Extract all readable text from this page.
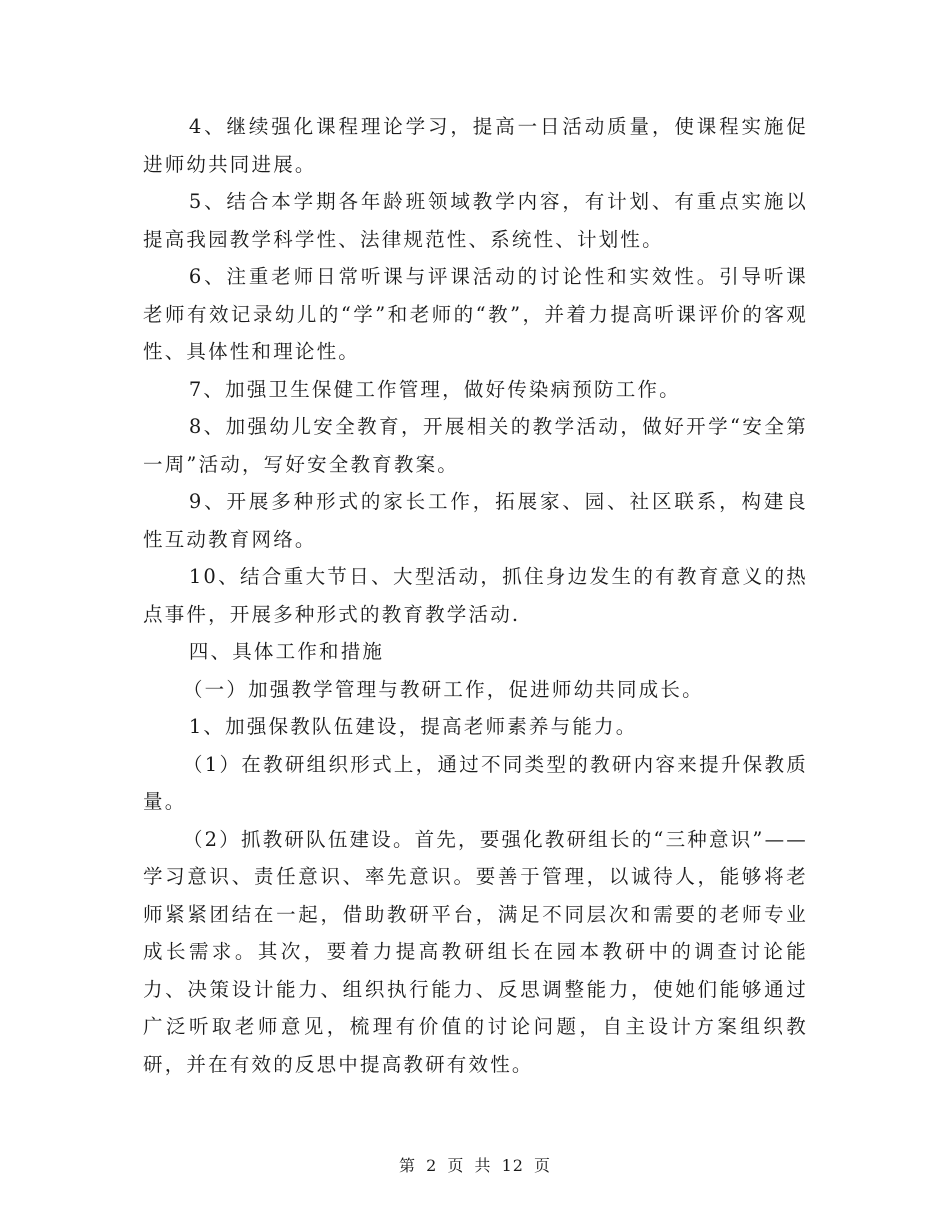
4、继续强化课程理论学习，提高一日活动质量，使课程实施促进师幼共同进展。

5、结合本学期各年龄班领域教学内容，有计划、有重点实施以提高我园教学科学性、法律规范性、系统性、计划性。

6、注重老师日常听课与评课活动的讨论性和实效性。引导听课老师有效记录幼儿的“学”和老师的“教”，并着力提高听课评价的客观性、具体性和理论性。

7、加强卫生保健工作管理，做好传染病预防工作。

8、加强幼儿安全教育，开展相关的教学活动，做好开学“安全第一周”活动，写好安全教育教案。

9、开展多种形式的家长工作，拓展家、园、社区联系，构建良性互动教育网络。

10、结合重大节日、大型活动，抓住身边发生的有教育意义的热点事件，开展多种形式的教育教学活动.

四、具体工作和措施

（一）加强教学管理与教研工作，促进师幼共同成长。

1、加强保教队伍建设，提高老师素养与能力。

（1）在教研组织形式上，通过不同类型的教研内容来提升保教质量。

（2）抓教研队伍建设。首先，要强化教研组长的“三种意识”——学习意识、责任意识、率先意识。要善于管理，以诚待人，能够将老师紧紧团结在一起，借助教研平台，满足不同层次和需要的老师专业成长需求。其次，要着力提高教研组长在园本教研中的调查讨论能力、决策设计能力、组织执行能力、反思调整能力，使她们能够通过广泛听取老师意见，梳理有价值的讨论问题，自主设计方案组织教研，并在有效的反思中提高教研有效性。

第 2 页 共 12 页
